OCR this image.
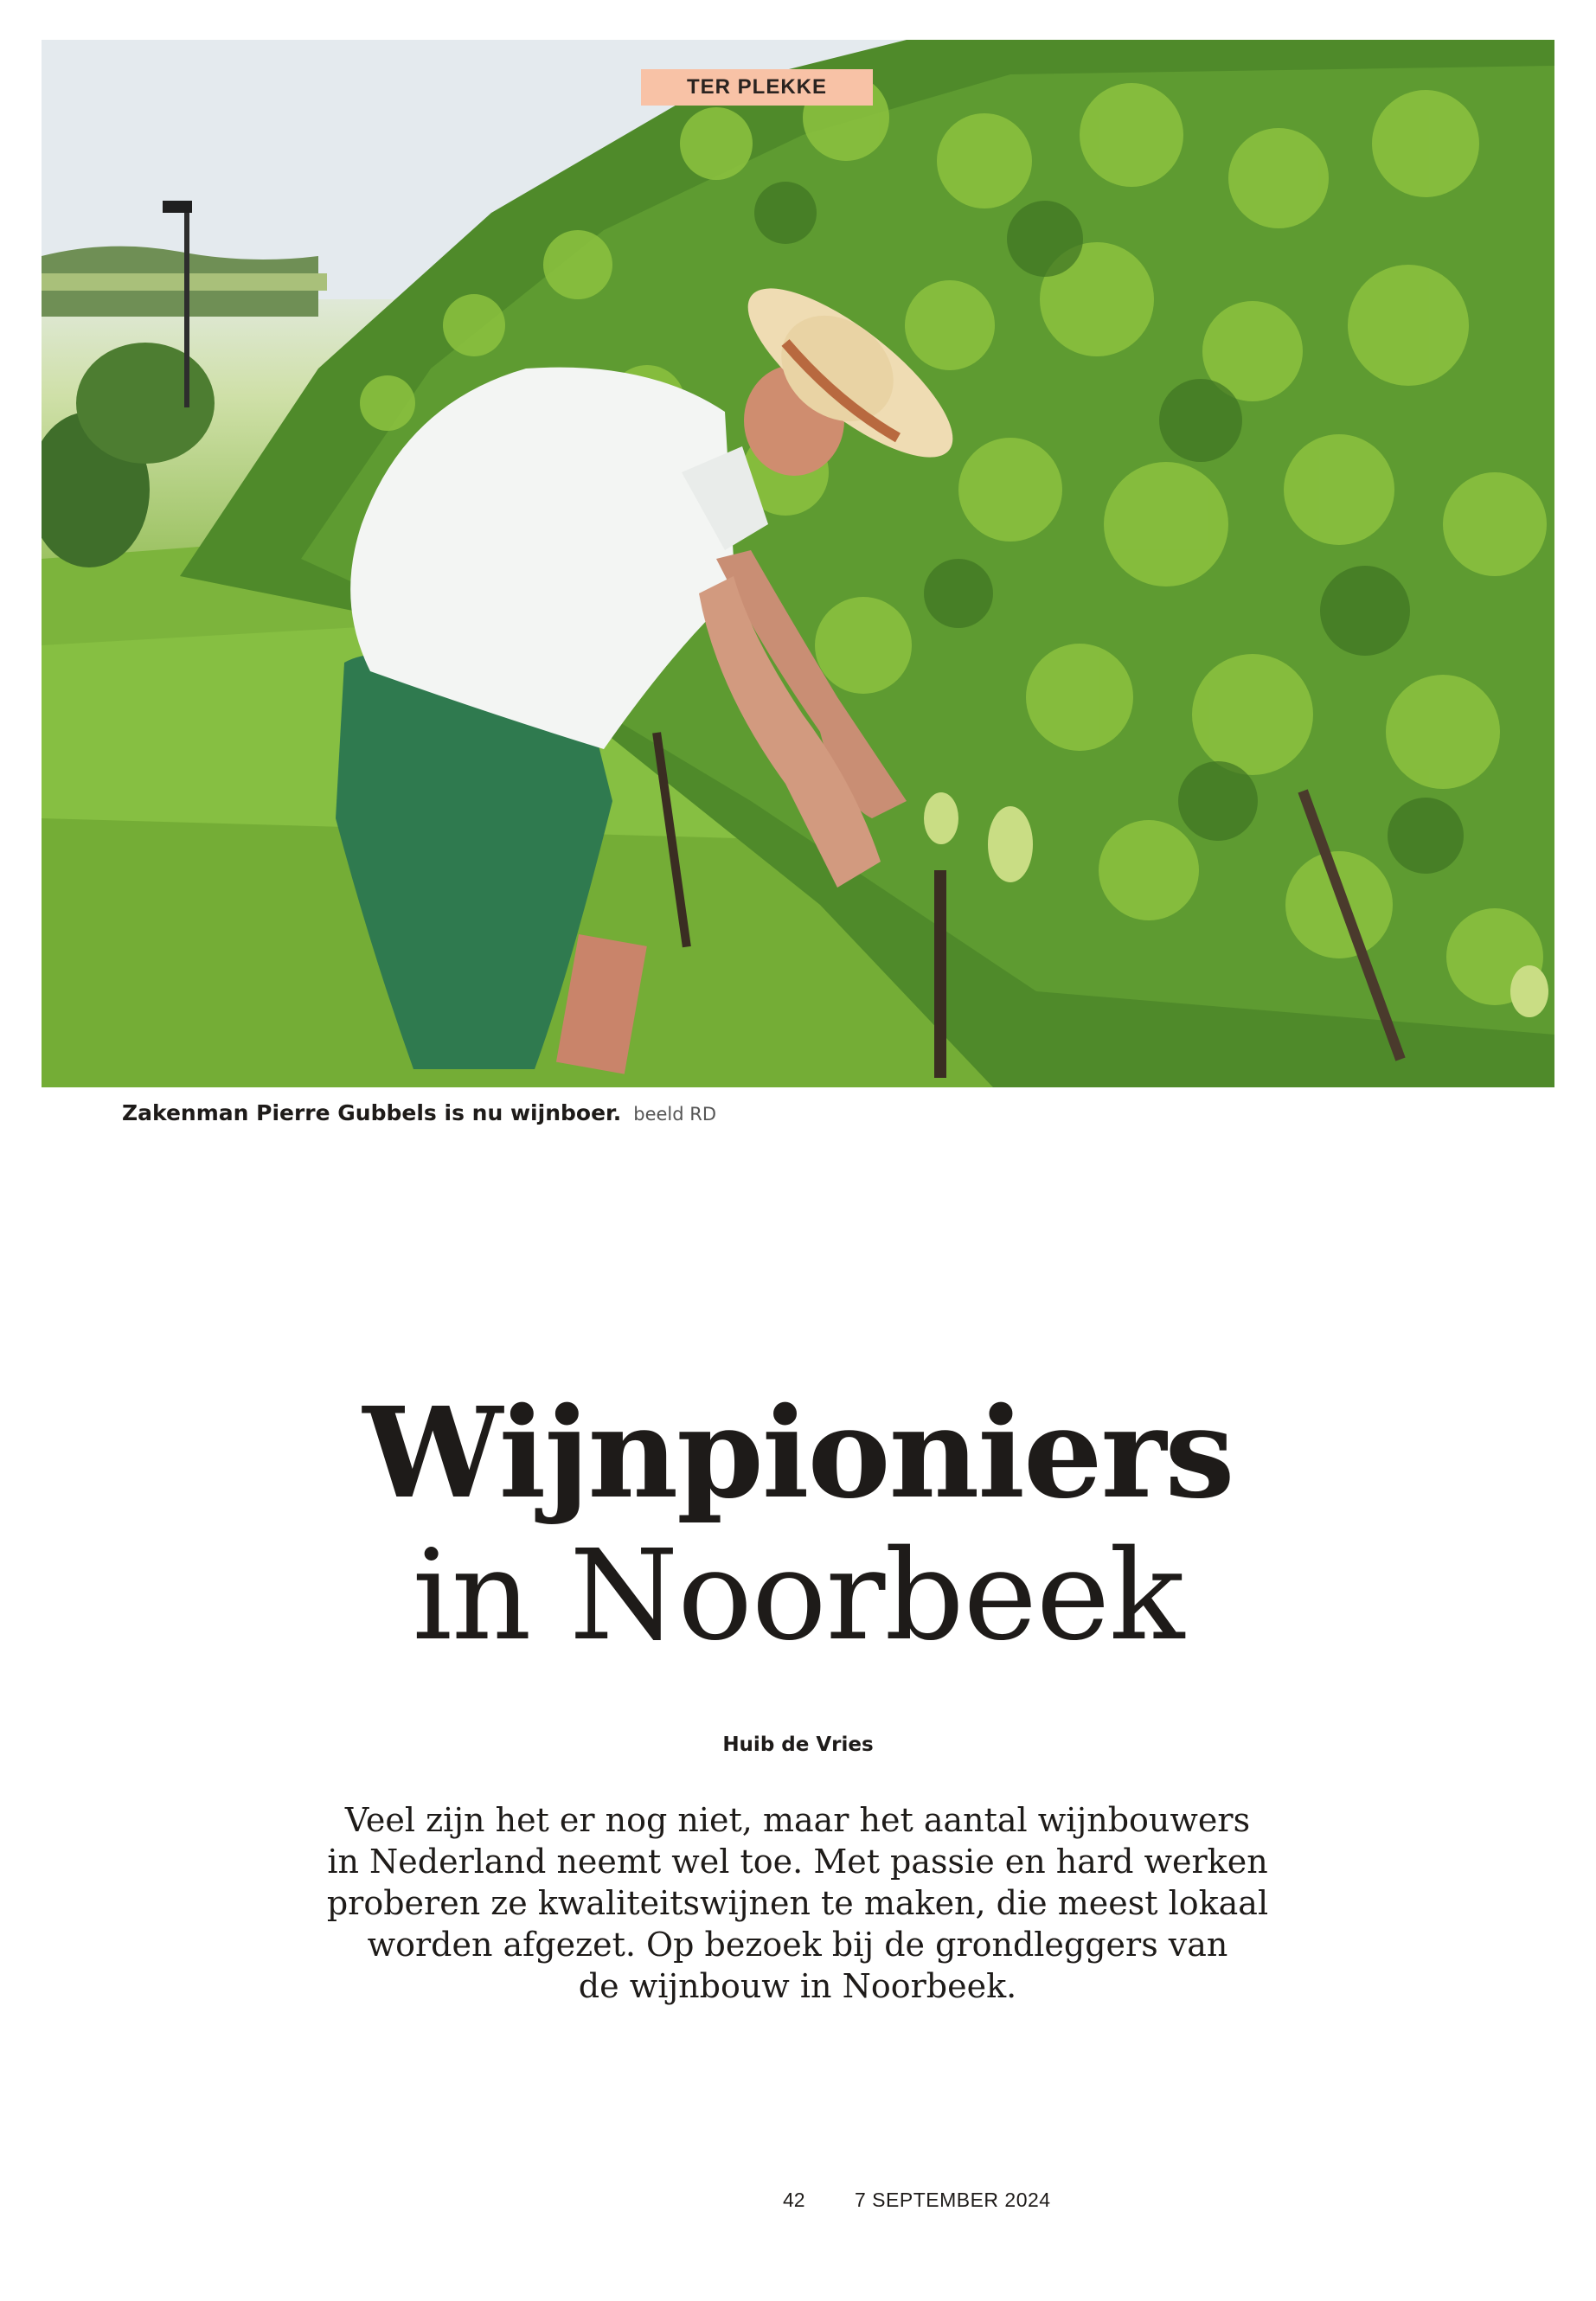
TER PLEKKE
Zakenman Pierre Gubbels is nu wijnboer. beeld RD
Wijnpioniers
in Noorbeek
Huib de Vries
Veel zijn het er nog niet, maar het aantal wijnbouwers
in Nederland neemt wel toe. Met passie en hard werken
proberen ze kwaliteitswijnen te maken, die meest lokaal
worden afgezet. Op bezoek bij de grondleggers van
de wijnbouw in Noorbeek.
42 7 SEPTEMBER 2024
